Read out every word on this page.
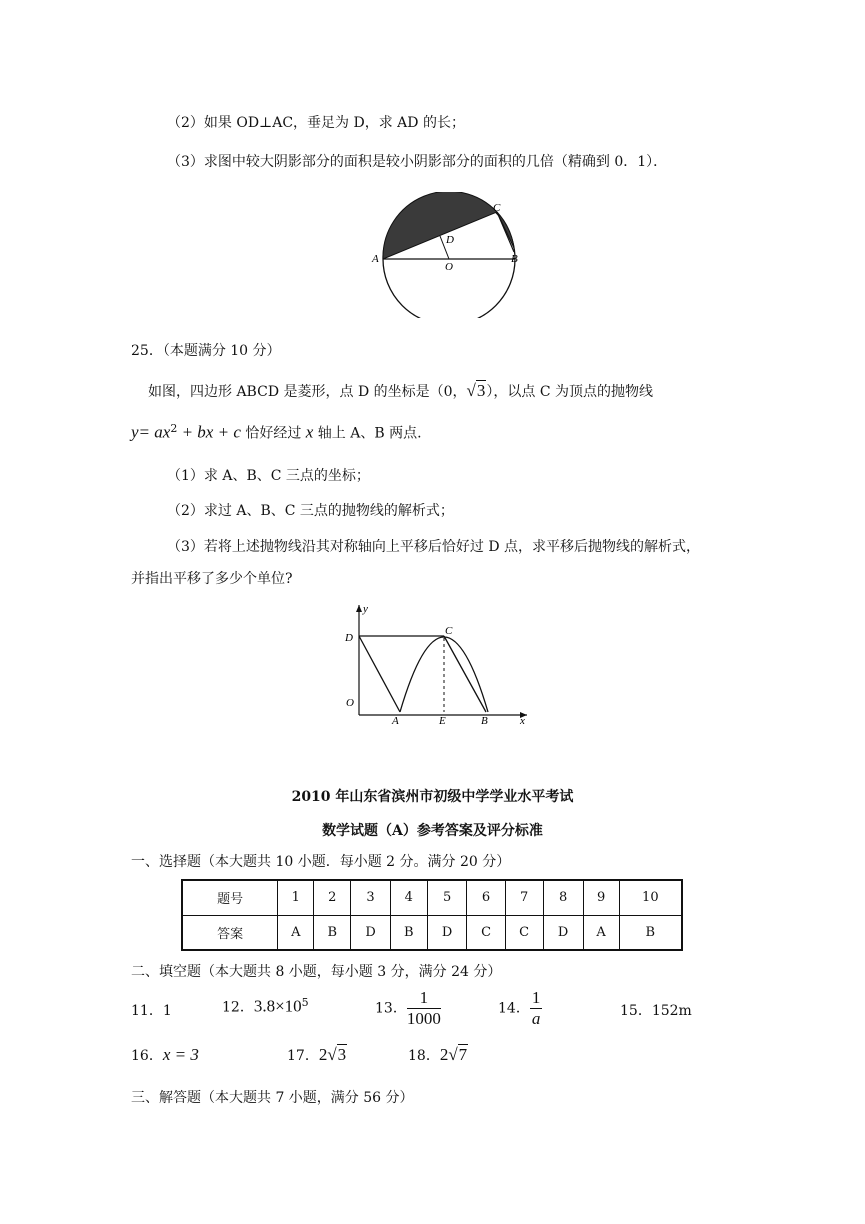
（2）如果 OD⊥AC，垂足为 D，求 AD 的长；
（3）求图中较大阴影部分的面积是较小阴影部分的面积的几倍（精确到 0．1）．
A	B
C
D
O
25．（本题满分 10 分）
如图，四边形 ABCD 是菱形，点 D 的坐标是（0，√3），以点 C 为顶点的抛物线
$y= ax^2$ + bx + c 恰好经过 x 轴上 A、B 两点.
（1）求 A、B、C 三点的坐标；
（2）求过 A、B、C 三点的抛物线的解析式；
（3）若将上述抛物线沿其对称轴向上平移后恰好过 D 点，求平移后抛物线的解析式，
并指出平移了多少个单位?
y
D
C
O
A	E	B	x
2010 年山东省滨州市初级中学学业水平考试
数学试题（A）参考答案及评分标准
一、选择题（本大题共 10 小题．每小题 2 分。满分 20 分）
题号	1	2	3	4	5	6	7	8	9	10
答案	A	B	D	B	D	C	C	D	A	B
二、填空题（本大题共 8 小题，每小题 3 分，满分 24 分）
11．1	12．$3.8\times 10^5$	13． $\frac{1}{1000}$	14． $\frac{1}{a}$	15．152m
16．x = 3	17．2√3	18．2√7
三、解答题（本大题共 7 小题，满分 56 分）
